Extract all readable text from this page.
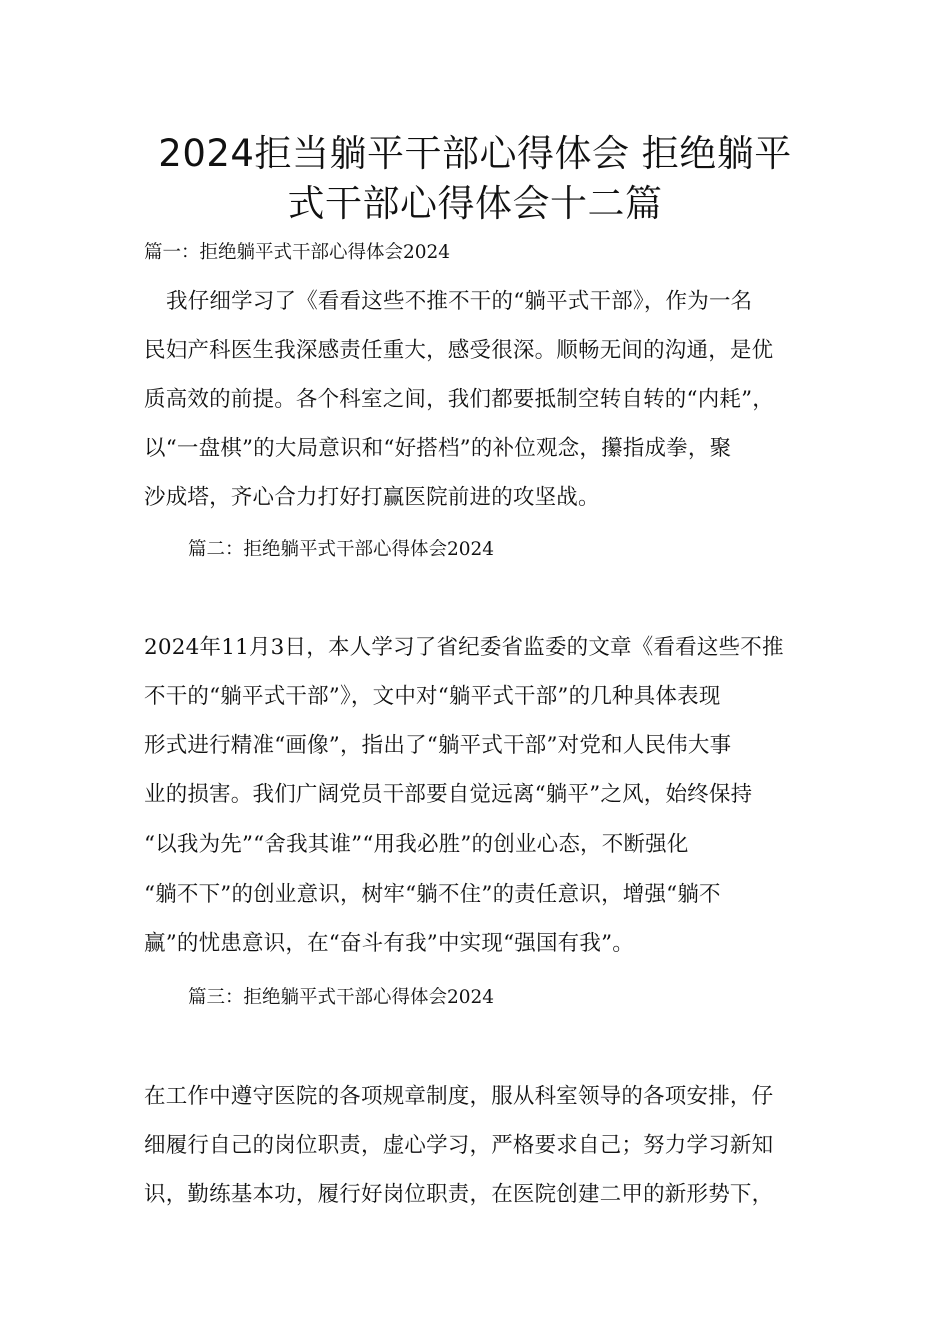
2024拒当躺平干部心得体会 拒绝躺平
式干部心得体会十二篇

篇一：拒绝躺平式干部心得体会2024

我仔细学习了《看看这些不推不干的“躺平式干部》，作为一名

民妇产科医生我深感责任重大，感受很深。顺畅无间的沟通，是优

质高效的前提。各个科室之间，我们都要抵制空转自转的“内耗”，

以“一盘棋”的大局意识和“好搭档”的补位观念，攥指成拳，聚

沙成塔，齐心合力打好打赢医院前进的攻坚战。

篇二：拒绝躺平式干部心得体会2024

2024年11月3日，本人学习了省纪委省监委的文章《看看这些不推

不干的“躺平式干部”》，文中对“躺平式干部”的几种具体表现

形式进行精准“画像”，指出了“躺平式干部”对党和人民伟大事

业的损害。我们广阔党员干部要自觉远离“躺平”之风，始终保持

“以我为先”“舍我其谁”“用我必胜”的创业心态，不断强化

“躺不下”的创业意识，树牢“躺不住”的责任意识，增强“躺不

赢”的忧患意识，在“奋斗有我”中实现“强国有我”。

篇三：拒绝躺平式干部心得体会2024

在工作中遵守医院的各项规章制度，服从科室领导的各项安排，仔

细履行自己的岗位职责，虚心学习，严格要求自己；努力学习新知

识，勤练基本功，履行好岗位职责，在医院创建二甲的新形势下，
